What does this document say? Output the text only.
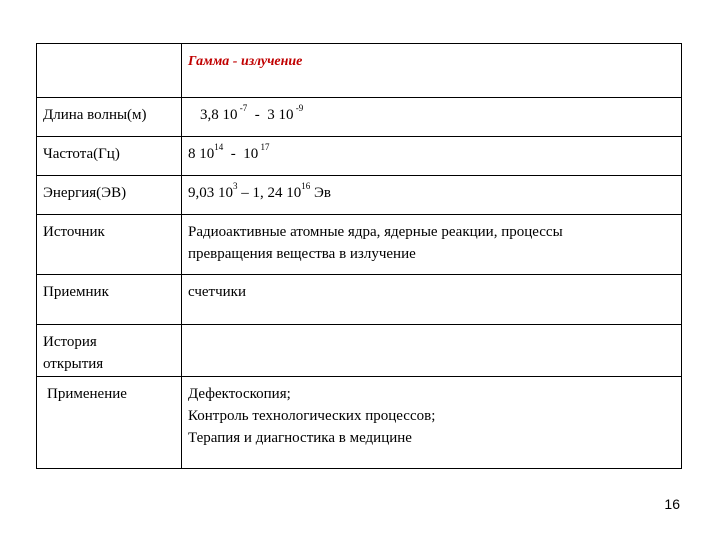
	Гамма - излучение
Длина волны(м)	3,8 10 $^{-7}$ - 3 10 $^{-9}$
Частота(Гц)	8 $10^{14} - 10$ $^{17}$
Энергия(ЭВ)	9,03 $10^3 - 1$, 24 $10^{16}$ Эв
Источник	Радиоактивные атомные ядра, ядерные реакции, процессы
превращения вещества в излучение

Приемник	счетчики

История
открытия	

Применение	Дефектоскопия;
Контроль технологических процессов;
Терапия и диагностика в медицине
16
